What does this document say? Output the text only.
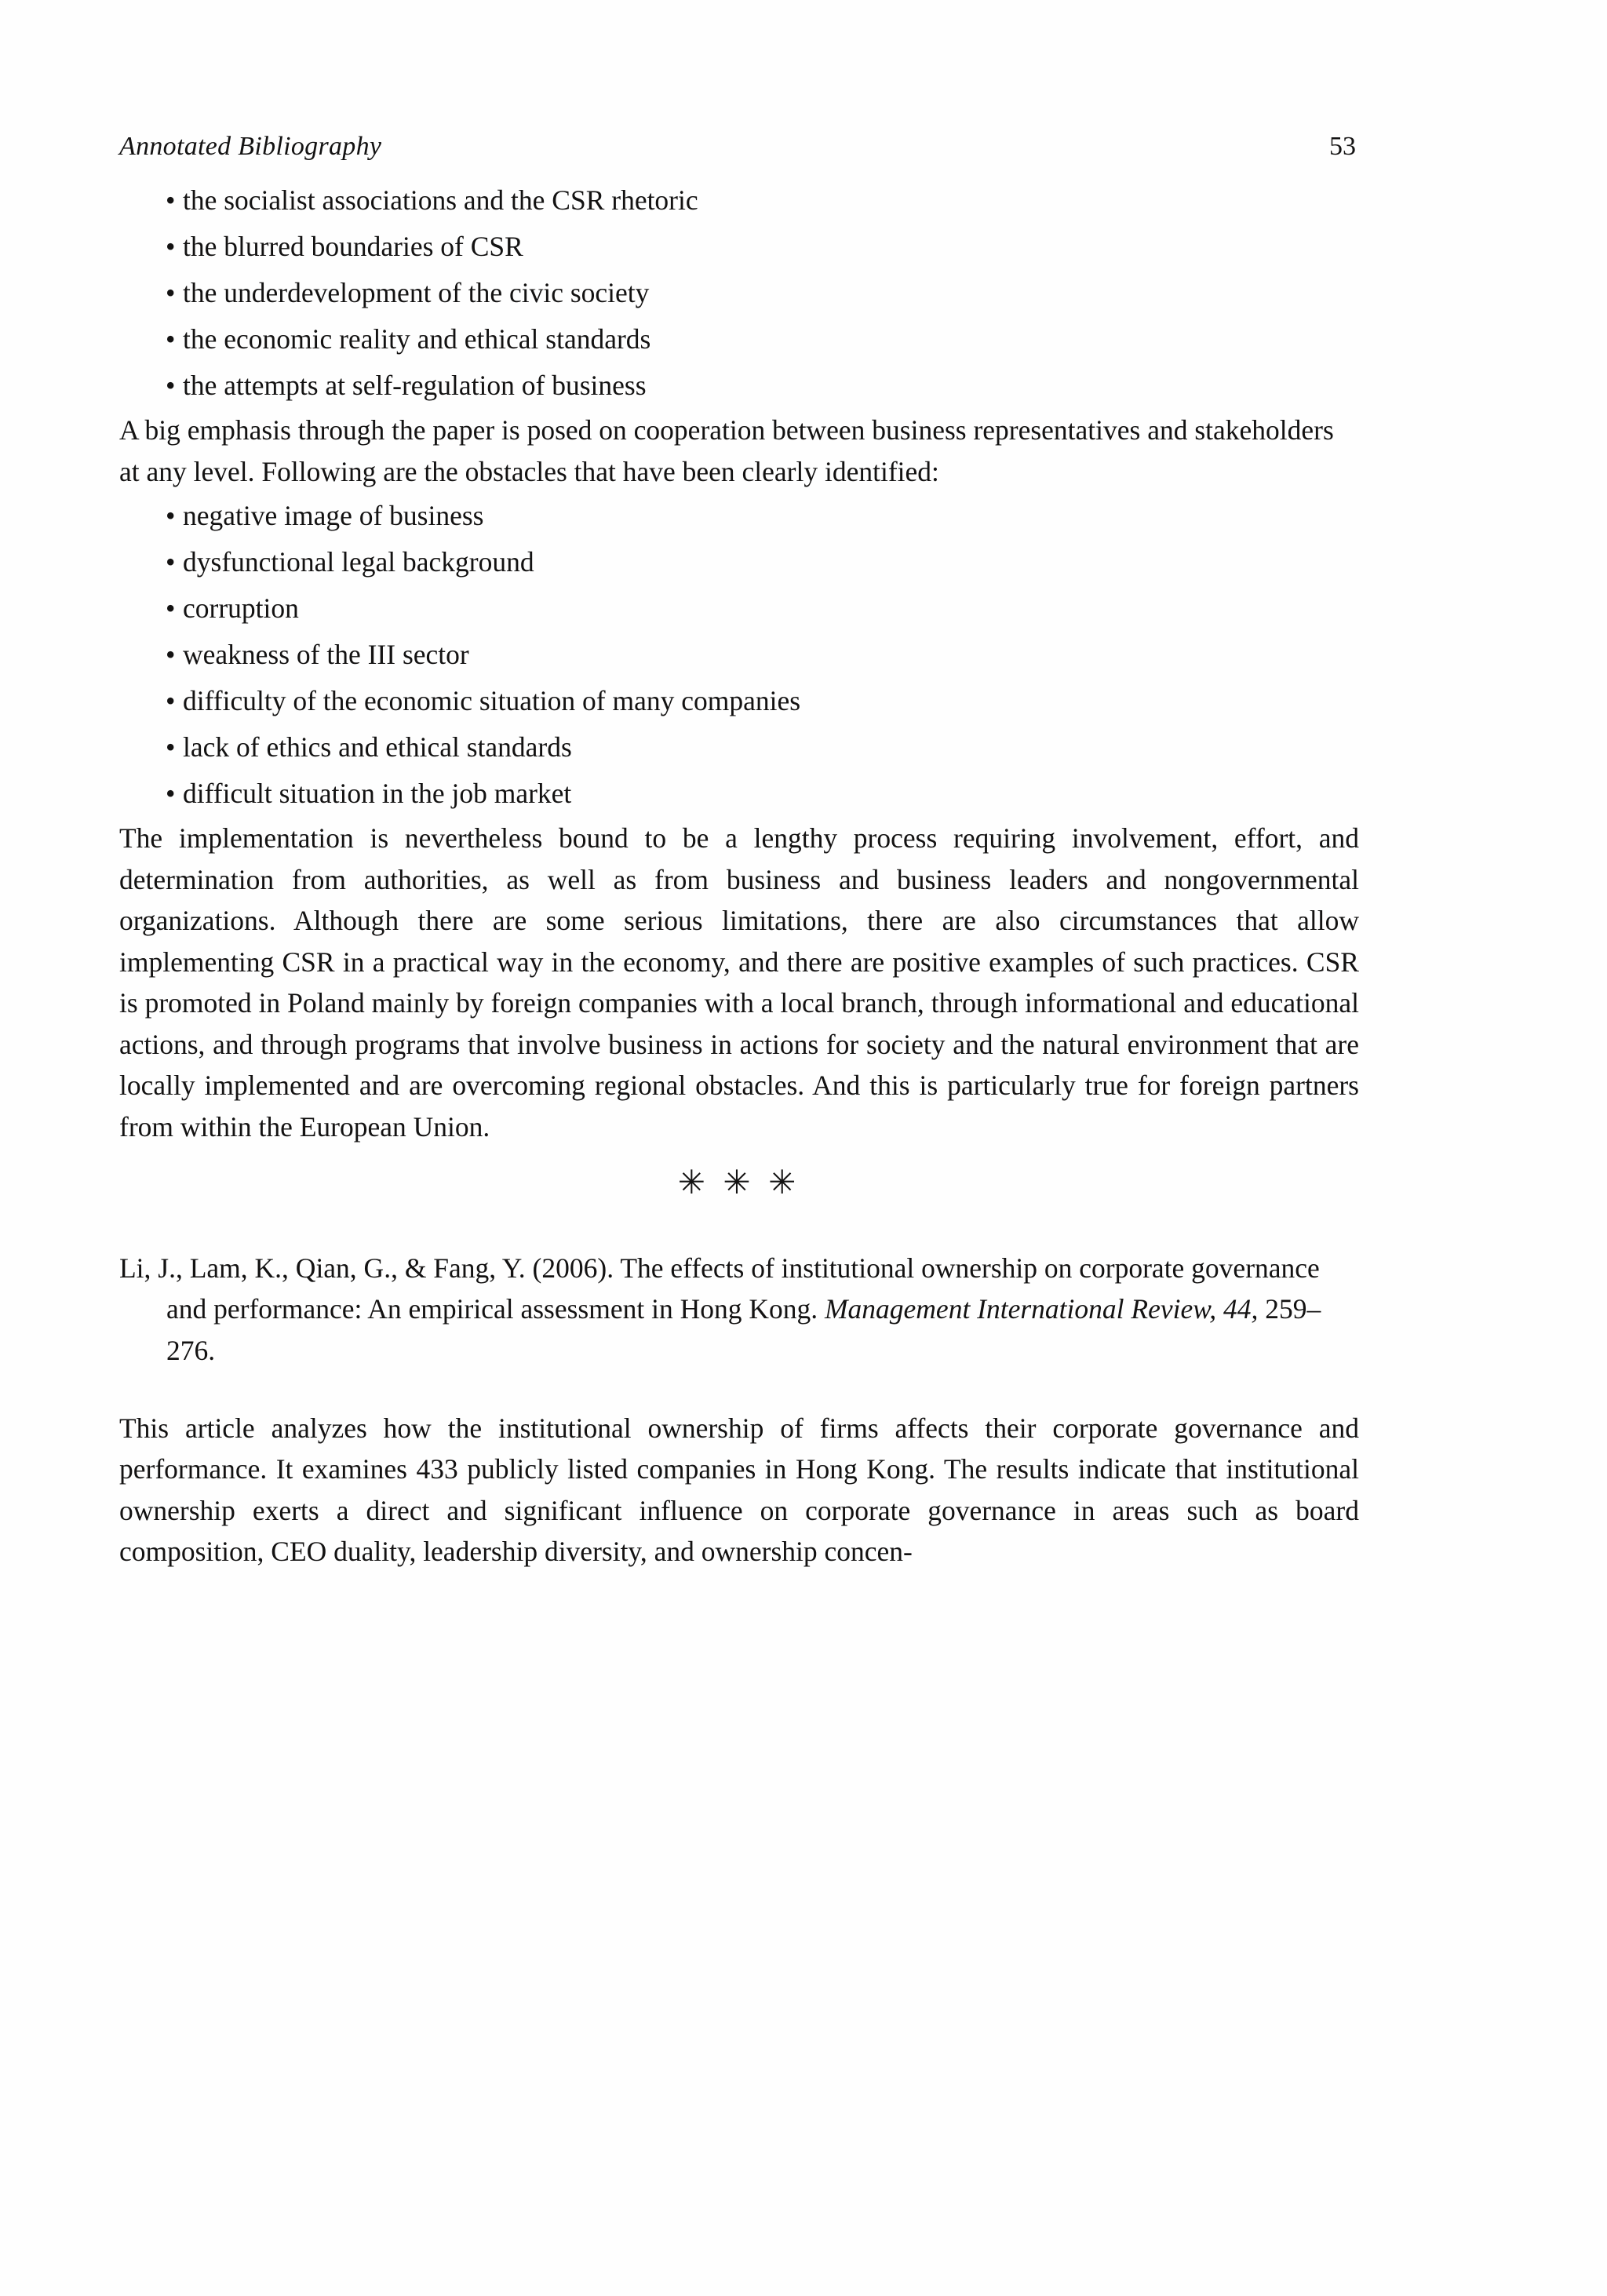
Annotated Bibliography	53
• the socialist associations and the CSR rhetoric
• the blurred boundaries of CSR
• the underdevelopment of the civic society
• the economic reality and ethical standards
• the attempts at self-regulation of business

A big emphasis through the paper is posed on cooperation between business representatives and stakeholders at any level. Following are the obstacles that have been clearly identified:

• negative image of business
• dysfunctional legal background
• corruption
• weakness of the III sector
• difficulty of the economic situation of many companies
• lack of ethics and ethical standards
• difficult situation in the job market

The implementation is nevertheless bound to be a lengthy process requiring involvement, effort, and determination from authorities, as well as from business and business leaders and nongovernmental organizations. Although there are some serious limitations, there are also circumstances that allow implementing CSR in a practical way in the economy, and there are positive examples of such practices. CSR is promoted in Poland mainly by foreign companies with a local branch, through informational and educational actions, and through programs that involve business in actions for society and the natural environment that are locally implemented and are overcoming regional obstacles. And this is particularly true for foreign partners from within the European Union.

✳ ✳ ✳

Li, J., Lam, K., Qian, G., & Fang, Y. (2006). The effects of institutional ownership on corporate governance and performance: An empirical assessment in Hong Kong. Management International Review, 44, 259–276.

This article analyzes how the institutional ownership of firms affects their corporate governance and performance. It examines 433 publicly listed companies in Hong Kong. The results indicate that institutional ownership exerts a direct and significant influence on corporate governance in areas such as board composition, CEO duality, leadership diversity, and ownership concen-
